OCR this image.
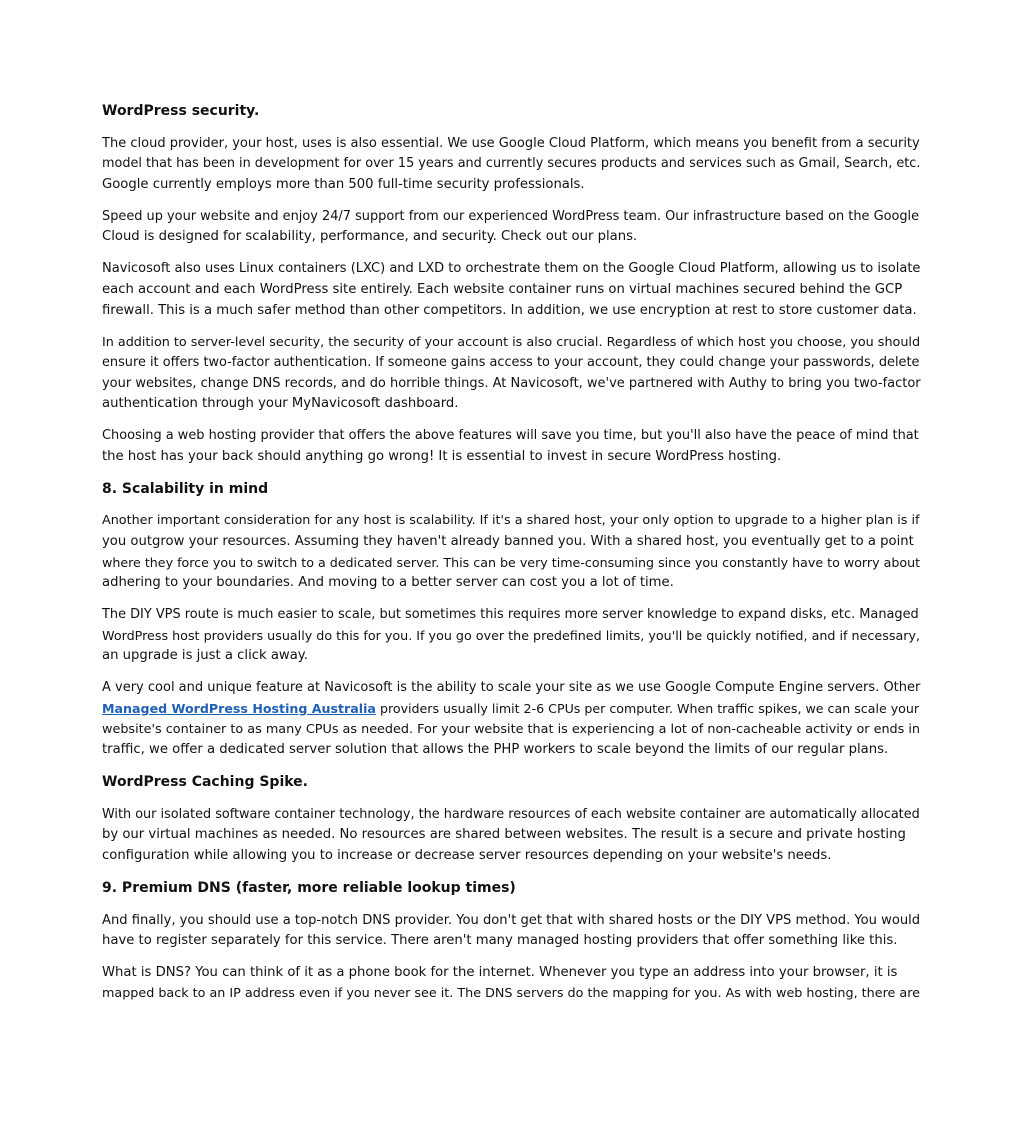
WordPress security.

The cloud provider, your host, uses is also essential. We use Google Cloud Platform, which means you benefit from a security
model that has been in development for over 15 years and currently secures products and services such as Gmail, Search, etc.
Google currently employs more than 500 full-time security professionals.

Speed up your website and enjoy 24/7 support from our experienced WordPress team. Our infrastructure based on the Google
Cloud is designed for scalability, performance, and security. Check out our plans.

Navicosoft also uses Linux containers (LXC) and LXD to orchestrate them on the Google Cloud Platform, allowing us to isolate
each account and each WordPress site entirely. Each website container runs on virtual machines secured behind the GCP
firewall. This is a much safer method than other competitors. In addition, we use encryption at rest to store customer data.

In addition to server-level security, the security of your account is also crucial. Regardless of which host you choose, you should
ensure it offers two-factor authentication. If someone gains access to your account, they could change your passwords, delete
your websites, change DNS records, and do horrible things. At Navicosoft, we've partnered with Authy to bring you two-factor
authentication through your MyNavicosoft dashboard.

Choosing a web hosting provider that offers the above features will save you time, but you'll also have the peace of mind that
the host has your back should anything go wrong! It is essential to invest in secure WordPress hosting.

8. Scalability in mind

Another important consideration for any host is scalability. If it's a shared host, your only option to upgrade to a higher plan is if
you outgrow your resources. Assuming they haven't already banned you. With a shared host, you eventually get to a point
where they force you to switch to a dedicated server. This can be very time-consuming since you constantly have to worry about
adhering to your boundaries. And moving to a better server can cost you a lot of time.

The DIY VPS route is much easier to scale, but sometimes this requires more server knowledge to expand disks, etc. Managed
WordPress host providers usually do this for you. If you go over the predefined limits, you'll be quickly notified, and if necessary,
an upgrade is just a click away.

A very cool and unique feature at Navicosoft is the ability to scale your site as we use Google Compute Engine servers. Other
Managed WordPress Hosting Australia providers usually limit 2-6 CPUs per computer. When traffic spikes, we can scale your
website's container to as many CPUs as needed. For your website that is experiencing a lot of non-cacheable activity or ends in
traffic, we offer a dedicated server solution that allows the PHP workers to scale beyond the limits of our regular plans.

WordPress Caching Spike.

With our isolated software container technology, the hardware resources of each website container are automatically allocated
by our virtual machines as needed. No resources are shared between websites. The result is a secure and private hosting
configuration while allowing you to increase or decrease server resources depending on your website's needs.

9. Premium DNS (faster, more reliable lookup times)

And finally, you should use a top-notch DNS provider. You don't get that with shared hosts or the DIY VPS method. You would
have to register separately for this service. There aren't many managed hosting providers that offer something like this.

What is DNS? You can think of it as a phone book for the internet. Whenever you type an address into your browser, it is
mapped back to an IP address even if you never see it. The DNS servers do the mapping for you. As with web hosting, there are
